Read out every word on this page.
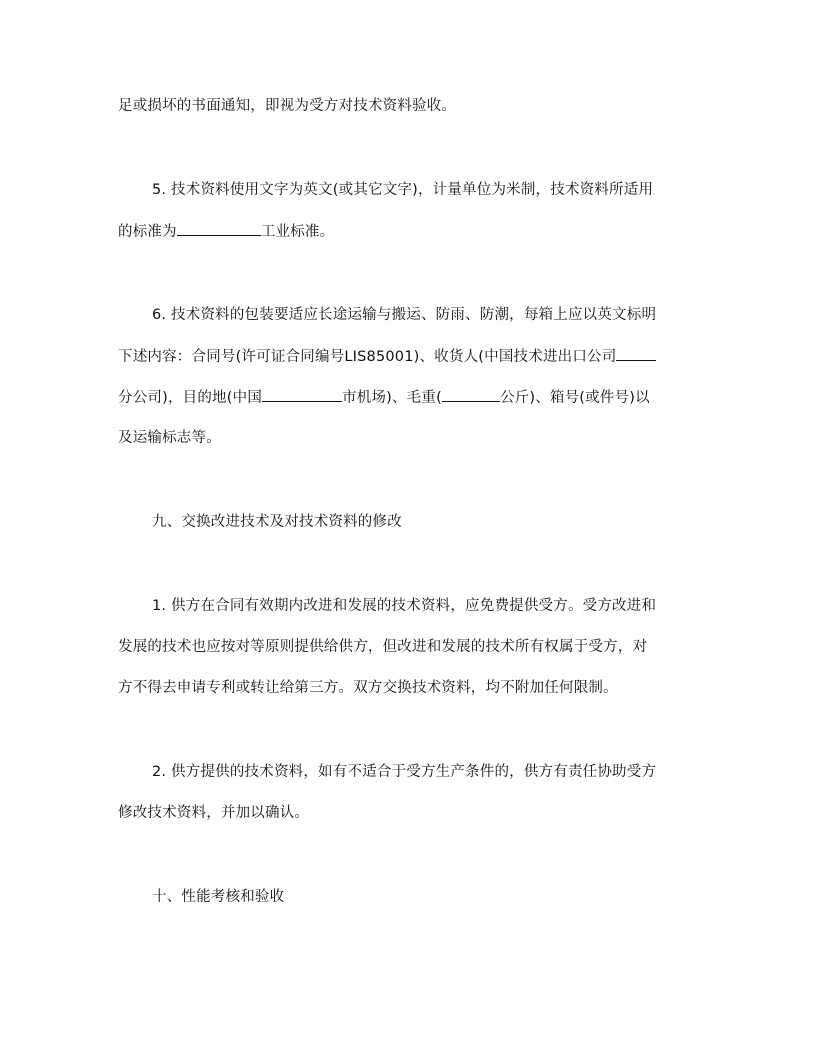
足或损坏的书面通知，即视为受方对技术资料验收。
5. 技术资料使用文字为英文(或其它文字)，计量单位为米制，技术资料所适用
的标准为	工业标准。
6. 技术资料的包装要适应长途运输与搬运、防雨、防潮，每箱上应以英文标明
下述内容：合同号(许可证合同编号LIS85001)、收货人(中国技术进出口公司
分公司)，目的地(中国	市机场)、毛重(	公斤)、箱号(或件号)以
及运输标志等。
九、交换改进技术及对技术资料的修改
1. 供方在合同有效期内改进和发展的技术资料，应免费提供受方。受方改进和
发展的技术也应按对等原则提供给供方，但改进和发展的技术所有权属于受方，对
方不得去申请专利或转让给第三方。双方交换技术资料，均不附加任何限制。
2. 供方提供的技术资料，如有不适合于受方生产条件的，供方有责任协助受方
修改技术资料，并加以确认。
十、性能考核和验收
